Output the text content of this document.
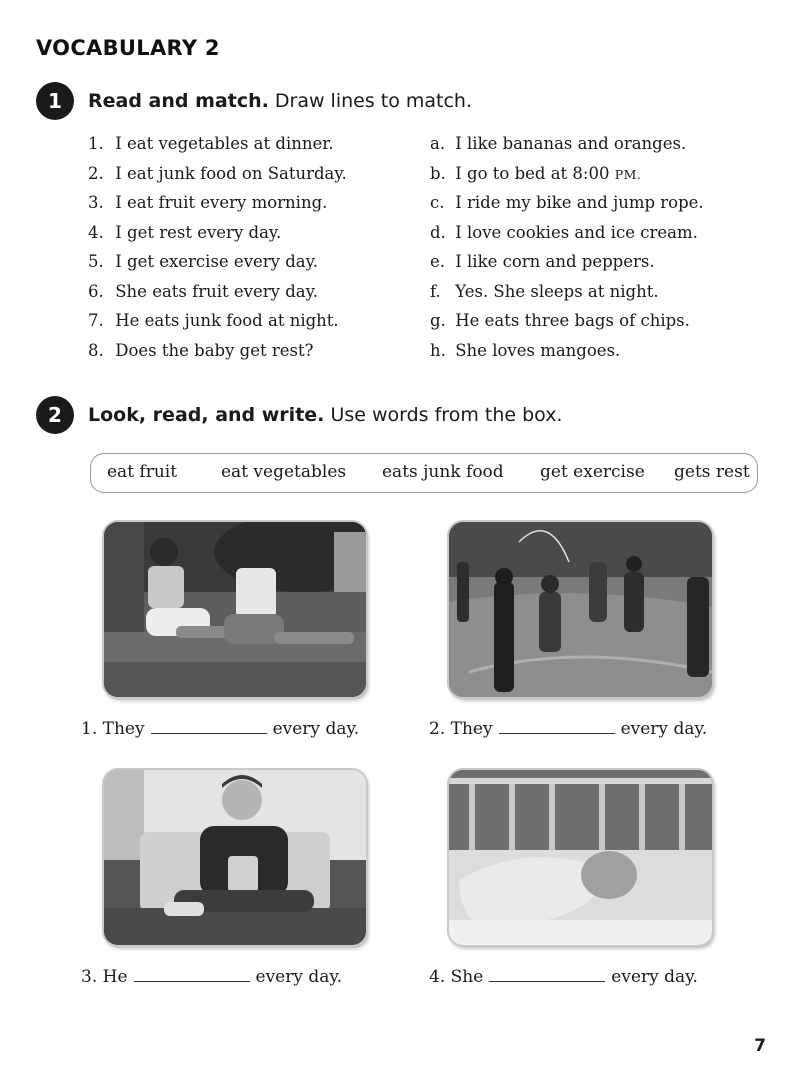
VOCABULARY 2
1	Read and match. Draw lines to match.
1. I eat vegetables at dinner.
2. I eat junk food on Saturday.
3. I eat fruit every morning.
4. I get rest every day.
5. I get exercise every day.
6. She eats fruit every day.
7. He eats junk food at night.
8. Does the baby get rest?
a. I like bananas and oranges.
b. I go to bed at 8:00 PM.
c. I ride my bike and jump rope.
d. I love cookies and ice cream.
e. I like corn and peppers.
f. Yes. She sleeps at night.
g. He eats three bags of chips.
h. She loves mangoes.
2	Look, read, and write. Use words from the box.
eat fruit	eat vegetables eats junk food get exercise gets rest
1. They	every day.	2. They	every day.
3. He	every day.	4. She	every day.
7
